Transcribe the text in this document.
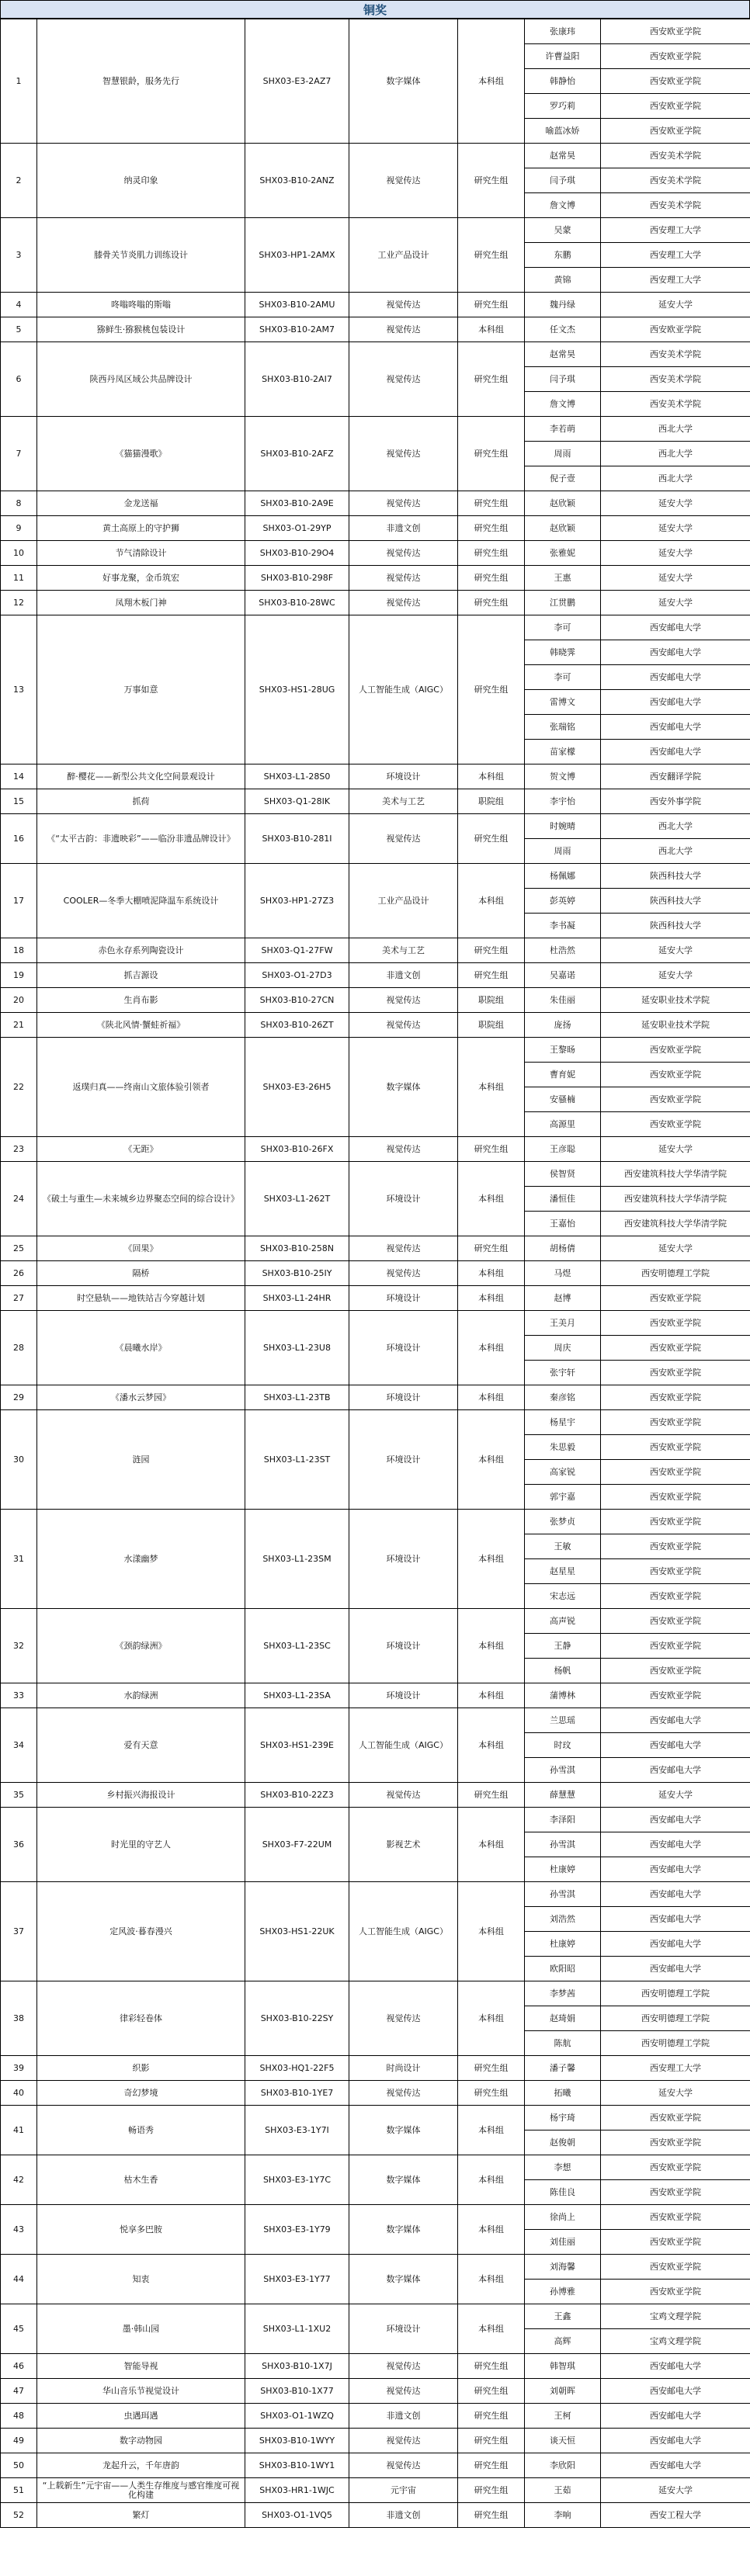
铜奖
1	智慧银龄，服务先行	SHX03-E3-2AZ7	数字媒体	本科组	张康玮	西安欧亚学院
					许曹益阳	西安欧亚学院
					韩静怡	西安欧亚学院
					罗巧莉	西安欧亚学院
					喻蓝冰娇	西安欧亚学院
2	纳灵印象	SHX03-B10-2ANZ	视觉传达	研究生组	赵常昊	西安美术学院
					闫予琪	西安美术学院
					詹文博	西安美术学院
3	膝骨关节炎肌力训练设计	SHX03-HP1-2AMX	工业产品设计	研究生组	吴蒙	西安理工大学
					东鹏	西安理工大学
					黄锦	西安理工大学
4	咚嗡咚嗡的斯嗡	SHX03-B10-2AMU	视觉传达	研究生组	魏丹绿	延安大学
5	猕鲜生·猕猴桃包装设计	SHX03-B10-2AM7	视觉传达	本科组	任文杰	西安欧亚学院
6	陕西丹凤区域公共品牌设计	SHX03-B10-2AI7	视觉传达	研究生组	赵常昊	西安美术学院
					闫予琪	西安美术学院
					詹文博	西安美术学院
7	《猫猫漫歌》	SHX03-B10-2AFZ	视觉传达	研究生组	李若萌	西北大学
					周雨	西北大学
					倪子壹	西北大学
8	金龙送福	SHX03-B10-2A9E	视觉传达	研究生组	赵欣颖	延安大学
9	黄土高原上的守护狮	SHX03-O1-29YP	非遗文创	研究生组	赵欣颖	延安大学
10	节气清除设计	SHX03-B10-29O4	视觉传达	研究生组	张雅妮	延安大学
11	好事龙聚，金币筑宏	SHX03-B10-298F	视觉传达	研究生组	王惠	延安大学
12	凤翔木板门神	SHX03-B10-28WC	视觉传达	研究生组	江贯鹏	延安大学
13	万事如意	SHX03-HS1-28UG	人工智能生成（AIGC）	研究生组	李可	西安邮电大学
					韩晓霁	西安邮电大学
					李可	西安邮电大学
					雷博文	西安邮电大学
					张瑞铭	西安邮电大学
					苗家檬	西安邮电大学
14	醉·樱花——新型公共文化空间景观设计	SHX03-L1-28S0	环境设计	本科组	贺文博	西安翻译学院
15	抓荷	SHX03-Q1-28IK	美术与工艺	职院组	李宇怡	西安外事学院
16	《“太平古韵：非遗映彩”——临汾非遗品牌设计》	SHX03-B10-281I	视觉传达	研究生组	时婉晴	西北大学
					周雨	西北大学
17	COOLER—冬季大棚喷泥降温车系统设计	SHX03-HP1-27Z3	工业产品设计	本科组	杨佩娜	陕西科技大学
					彭英婷	陕西科技大学
					李书凝	陕西科技大学
18	赤色永存系列陶瓷设计	SHX03-Q1-27FW	美术与工艺	研究生组	杜浩然	延安大学
19	抓吉源设	SHX03-O1-27D3	非遗文创	研究生组	吴嘉诺	延安大学
20	生肖布影	SHX03-B10-27CN	视觉传达	职院组	朱佳丽	延安职业技术学院
21	《陕北风情·蟹蛙祈福》	SHX03-B10-26ZT	视觉传达	职院组	庞扬	延安职业技术学院
22	返璞归真——终南山文旅体验引领者	SHX03-E3-26H5	数字媒体	本科组	王黎旸	西安欧亚学院
					曹育妮	西安欧亚学院
					安骚楠	西安欧亚学院
					高源里	西安欧亚学院
23	《无距》	SHX03-B10-26FX	视觉传达	研究生组	王彦聪	延安大学
24	《破土与重生—未来城乡边界聚态空间的综合设计》	SHX03-L1-262T	环境设计	本科组	侯智贤	西安建筑科技大学华清学院
					潘恒佳	西安建筑科技大学华清学院
					王嘉怡	西安建筑科技大学华清学院
25	《回果》	SHX03-B10-258N	视觉传达	研究生组	胡杨倩	延安大学
26	隔桥	SHX03-B10-25IY	视觉传达	本科组	马煜	西安明德理工学院
27	时空悬轨——地铁站吉今穿越计划	SHX03-L1-24HR	环境设计	本科组	赵博	西安欧亚学院
28	《晨曦水岸》	SHX03-L1-23U8	环境设计	本科组	王美月	西安欧亚学院
					周庆	西安欧亚学院
					张宇轩	西安欧亚学院
29	《潘水云梦园》	SHX03-L1-23TB	环境设计	本科组	秦彦铭	西安欧亚学院
30	涟园	SHX03-L1-23ST	环境设计	本科组	杨星宇	西安欧亚学院
					朱思毅	西安欧亚学院
					高家锐	西安欧亚学院
					郭宇嘉	西安欧亚学院
31	水漾幽梦	SHX03-L1-23SM	环境设计	本科组	张梦贞	西安欧亚学院
					王敏	西安欧亚学院
					赵星星	西安欧亚学院
					宋志远	西安欧亚学院
32	《颈韵绿洲》	SHX03-L1-23SC	环境设计	本科组	高声锐	西安欧亚学院
					王静	西安欧亚学院
					杨帆	西安欧亚学院
33	水韵绿洲	SHX03-L1-23SA	环境设计	本科组	蒲博林	西安欧亚学院
34	爱有天意	SHX03-HS1-239E	人工智能生成（AIGC）	本科组	兰思瑶	西安邮电大学
					时玟	西安邮电大学
					孙雪淇	西安邮电大学
35	乡村振兴海报设计	SHX03-B10-22Z3	视觉传达	研究生组	薛慧慧	延安大学
36	时光里的守艺人	SHX03-F7-22UM	影视艺术	本科组	李泽阳	西安邮电大学
					孙雪淇	西安邮电大学
					杜康婷	西安邮电大学
37	定风波·暮春漫兴	SHX03-HS1-22UK	人工智能生成（AIGC）	本科组	孙雪淇	西安邮电大学
					刘浩然	西安邮电大学
					杜康婷	西安邮电大学
					欧阳昭	西安邮电大学
38	律彩轻卷体	SHX03-B10-22SY	视觉传达	本科组	李梦茜	西安明德理工学院
					赵琦娟	西安明德理工学院
					陈航	西安明德理工学院
39	织影	SHX03-HQ1-22F5	时尚设计	研究生组	潘子馨	西安理工大学
40	奇幻梦境	SHX03-B10-1YE7	视觉传达	研究生组	拓曦	延安大学
41	畅语秀	SHX03-E3-1Y7I	数字媒体	本科组	杨宇琦	西安欧亚学院
					赵俊朝	西安欧亚学院
42	枯木生香	SHX03-E3-1Y7C	数字媒体	本科组	李想	西安欧亚学院
					陈佳良	西安欧亚学院
43	悦享多巴胺	SHX03-E3-1Y79	数字媒体	本科组	徐尚上	西安欧亚学院
					刘佳丽	西安欧亚学院
44	知衷	SHX03-E3-1Y77	数字媒体	本科组	刘海馨	西安欧亚学院
					孙博雅	西安欧亚学院
45	墨·韩山园	SHX03-L1-1XU2	环境设计	本科组	王鑫	宝鸡文理学院
					高辉	宝鸡文理学院
46	智能导视	SHX03-B10-1X7J	视觉传达	研究生组	韩智琪	西安邮电大学
47	华山音乐节视觉设计	SHX03-B10-1X77	视觉传达	研究生组	刘朝晖	西安邮电大学
48	虫遇珥遇	SHX03-O1-1WZQ	非遗文创	研究生组	王柯	西安邮电大学
49	数字动物园	SHX03-B10-1WYY	视觉传达	研究生组	谈天恒	西安邮电大学
50	龙起升云，千年唐韵	SHX03-B10-1WY1	视觉传达	研究生组	李欣阳	西安邮电大学
51	“上载新生”元宇宙——人类生存维度与感官维度可视化构建	SHX03-HR1-1WJC	元宇宙	研究生组	王茹	延安大学
52	繁灯	SHX03-O1-1VQ5	非遗文创	研究生组	李响	西安工程大学
